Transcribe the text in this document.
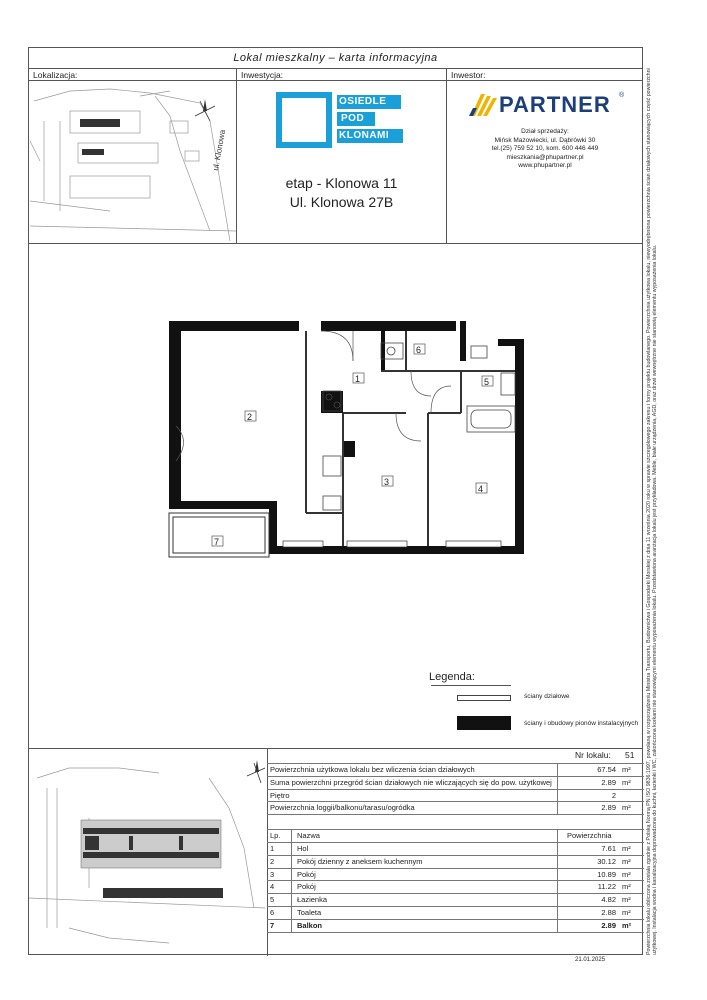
Lokal mieszkalny – karta informacyjna
Lokalizacja:
ul. Klonowa
Inwestycja:
OSIEDLE
POD
KLONAMI
etap - Klonowa 11
Ul. Klonowa 27B
Inwestor:
PARTNER ®
Dział sprzedaży:
Mińsk Mazowiecki, ul. Dąbrówki 30
tel.(25) 759 52 10, kom. 600 446 449
mieszkania@phupartner.pl
www.phupartner.pl
1
2
3
4
5
6
7
Legenda:
ściany działowe
ściany i obudowy pionów instalacyjnych
Nr lokalu: 51
Powierzchnia użytkowa lokalu bez wliczenia ścian działowych	67.54 m²
Suma powierzchni przegród ścian działowych nie wliczających się do pow. użytkowej	2.89 m²
Piętro	2
Powierzchnia loggii/balkonu/tarasu/ogródka	2.89 m²
Lp. Nazwa	Powierzchnia
1	Hol	7.61 m²
2	Pokój dzienny z aneksem kuchennym	30.12 m²
3	Pokój	10.89 m²
4	Pokój	11.22 m²
5	Łazienka	4.82 m²
6	Toaleta	2.88 m²
7	Balkon	2.89 m²
21.01.2025
Powierzchnia lokalu obliczona została zgodnie z Polską Normą PN ISO 9836:1997, powołaną w rozporządzeniu Ministra Transportu, Budownictwa i Gospodarki Morskiej z dnia 11 września 2020 roku w sprawie szczegółowego zakresu i formy projektu budowlanego. Powierzchnia użytkowa lokalu, niewyodrębniona powierzchnia ścian działowych stanowiących część powierzchni użytkowej. Instalacja wodna i kanalizacyjna doprowadzona do kuchni, łazienki i WC, zakończona korkami nie stanowiącymi elementu wyposażenia lokalu. Przedstawiona aranżacja lokalu jest przykładowa. Meble, białe urządzenia, AGD, oraz drzwi wewnętrzne nie stanowią elementu wyposażenia lokalu.
